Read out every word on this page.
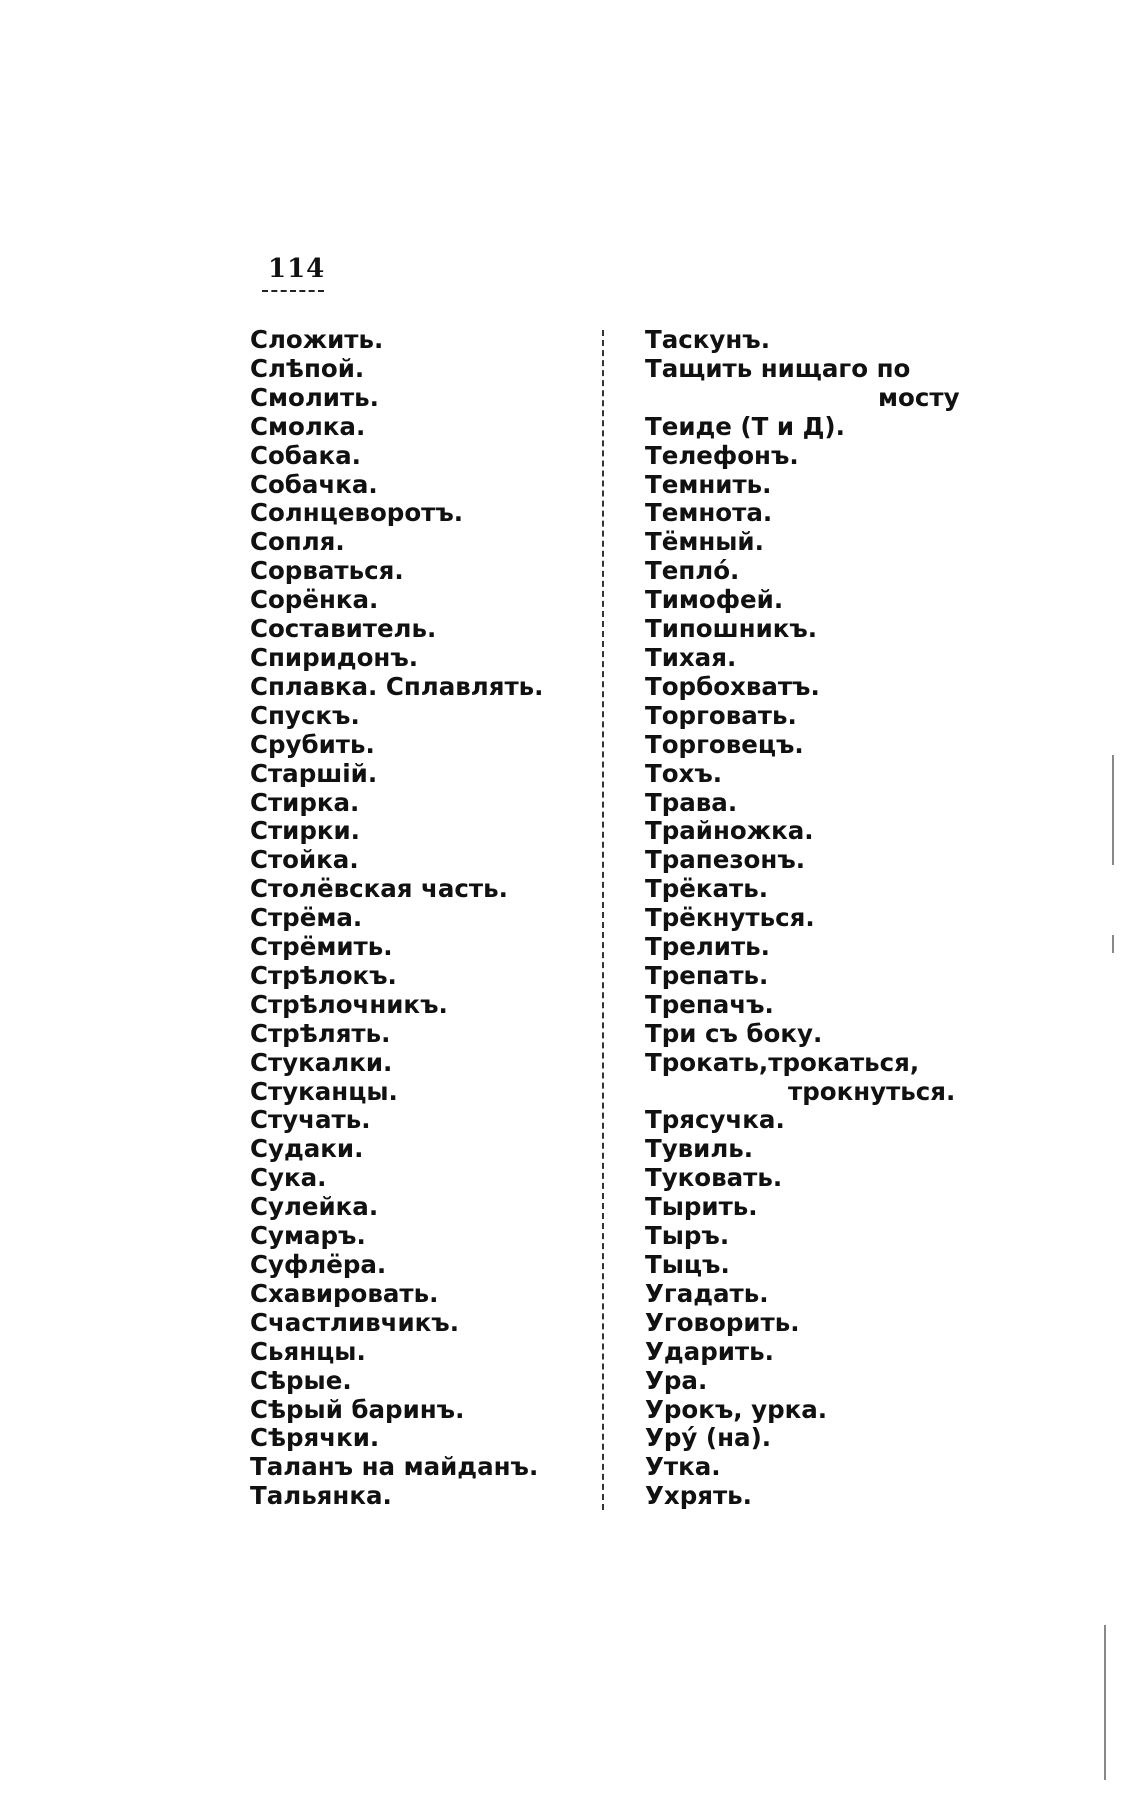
114
Сложить.
Слѣпой.
Смолить.
Смолка.
Собака.
Собачка.
Солнцеворотъ.
Сопля.
Сорваться.
Сорёнка.
Составитель.
Спиридонъ.
Сплавка. Сплавлять.
Спускъ.
Срубить.
Старшій.
Стирка.
Стирки.
Стойка.
Столёвская часть.
Стрёма.
Стрёмить.
Стрѣлокъ.
Стрѣлочникъ.
Стрѣлять.
Стукалки.
Стуканцы.
Стучать.
Судаки.
Сука.
Сулейка.
Сумаръ.
Суфлёра.
Схавировать.
Счастливчикъ.
Сьянцы.
Сѣрые.
Сѣрый баринъ.
Сѣрячки.
Таланъ на майданъ.
Тальянка.
Таскунъ.
Тащить нищаго по
мосту
Теиде (Т и Д).
Телефонъ.
Темнить.
Темнота.
Тёмный.
Тепло́.
Тимофей.
Типошникъ.
Тихая.
Торбохватъ.
Торговать.
Торговецъ.
Тохъ.
Трава.
Трайножка.
Трапезонъ.
Трёкать.
Трёкнуться.
Трелить.
Трепать.
Трепачъ.
Три съ боку.
Трокать,трокаться,
трокнуться.
Трясучка.
Тувиль.
Туковать.
Тырить.
Тыръ.
Тыцъ.
Угадать.
Уговорить.
Ударить.
Ура.
Урокъ, урка.
Уру́ (на).
Утка.
Ухрять.
